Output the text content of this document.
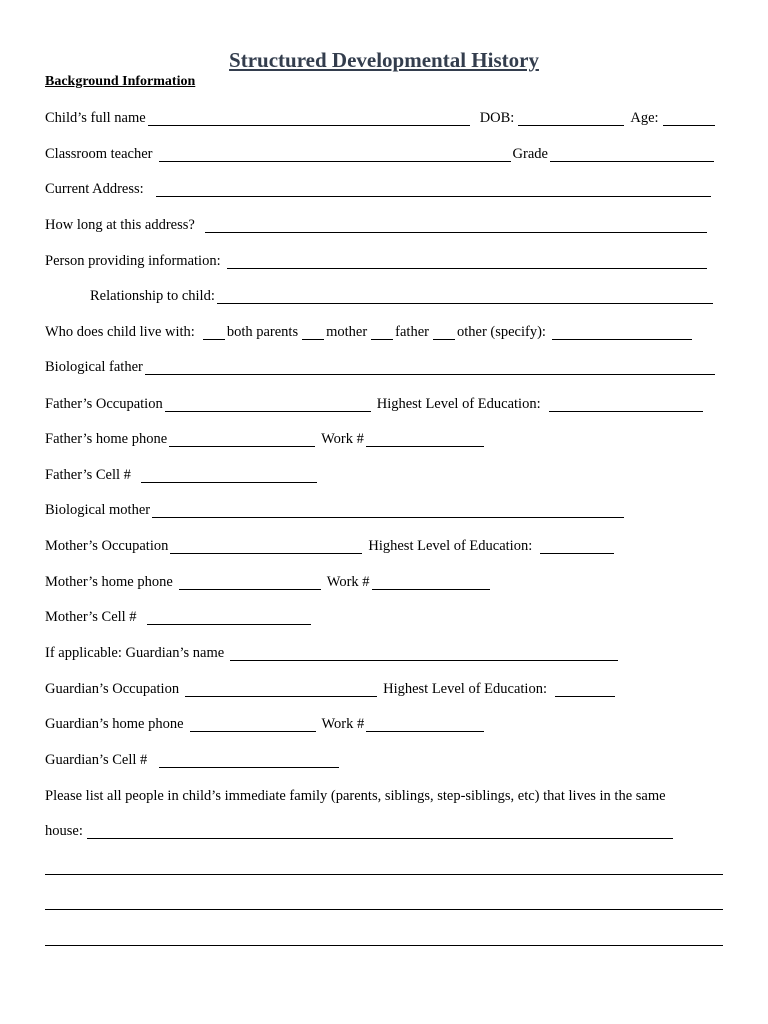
Structured Developmental History
Background Information
Child’s full name	DOB:	Age:
Classroom teacher	Grade
Current Address:
How long at this address?
Person providing information:
Relationship to child:
Who does child live with: both parents mother father other (specify):
Biological father
Father’s Occupation	Highest Level of Education:
Father’s home phone	Work #
Father’s Cell #
Biological mother
Mother’s Occupation	Highest Level of Education:
Mother’s home phone	Work #
Mother’s Cell #
If applicable: Guardian’s name
Guardian’s Occupation	Highest Level of Education:
Guardian’s home phone	Work #
Guardian’s Cell #
Please list all people in child’s immediate family (parents, siblings, step-siblings, etc) that lives in the same
house:
